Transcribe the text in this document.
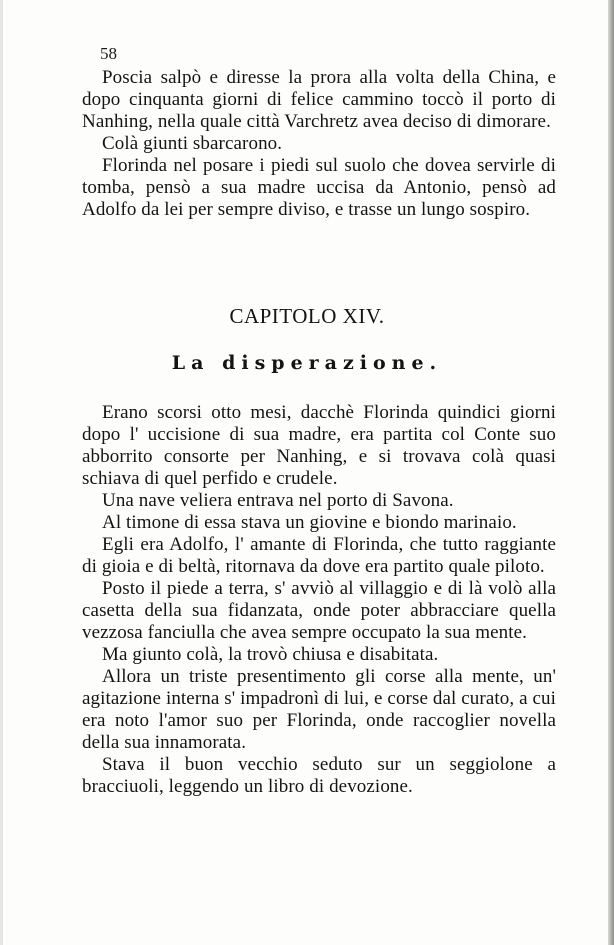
58

Poscia salpò e diresse la prora alla volta della China, e dopo cinquanta giorni di felice cammino toccò il porto di Nanhing, nella quale città Varchretz avea deciso di dimorare.

Colà giunti sbarcarono.

Florinda nel posare i piedi sul suolo che dovea servirle di tomba, pensò a sua madre uccisa da Antonio, pensò ad Adolfo da lei per sempre diviso, e trasse un lungo sospiro.

CAPITOLO XIV.
La disperazione.

Erano scorsi otto mesi, dacchè Florinda quindici giorni dopo l' uccisione di sua madre, era partita col Conte suo abborrito consorte per Nanhing, e si trovava colà quasi schiava di quel perfido e crudele.

Una nave veliera entrava nel porto di Savona.

Al timone di essa stava un giovine e biondo marinaio.

Egli era Adolfo, l' amante di Florinda, che tutto raggiante di gioia e di beltà, ritornava da dove era partito quale piloto.

Posto il piede a terra, s' avviò al villaggio e di là volò alla casetta della sua fidanzata, onde poter abbracciare quella vezzosa fanciulla che avea sempre occupato la sua mente.

Ma giunto colà, la trovò chiusa e disabitata.

Allora un triste presentimento gli corse alla mente, un' agitazione interna s' impadronì di lui, e corse dal curato, a cui era noto l'amor suo per Florinda, onde raccoglier novella della sua innamorata.

Stava il buon vecchio seduto sur un seggiolone a bracciuoli, leggendo un libro di devozione.
